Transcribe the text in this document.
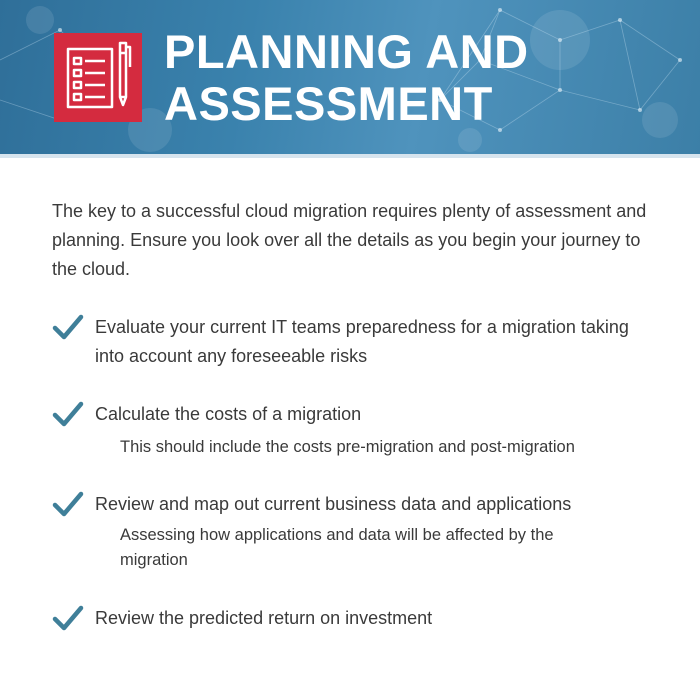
PLANNING AND
ASSESSMENT
The key to a successful cloud migration requires plenty of assessment and planning. Ensure you look over all the details as you begin your journey to the cloud.
Evaluate your current IT teams preparedness for a migration taking into account any foreseeable risks
Calculate the costs of a migration
This should include the costs pre-migration and post-migration
Review and map out current business data and applications
Assessing how applications and data will be affected by the migration
Review the predicted return on investment
